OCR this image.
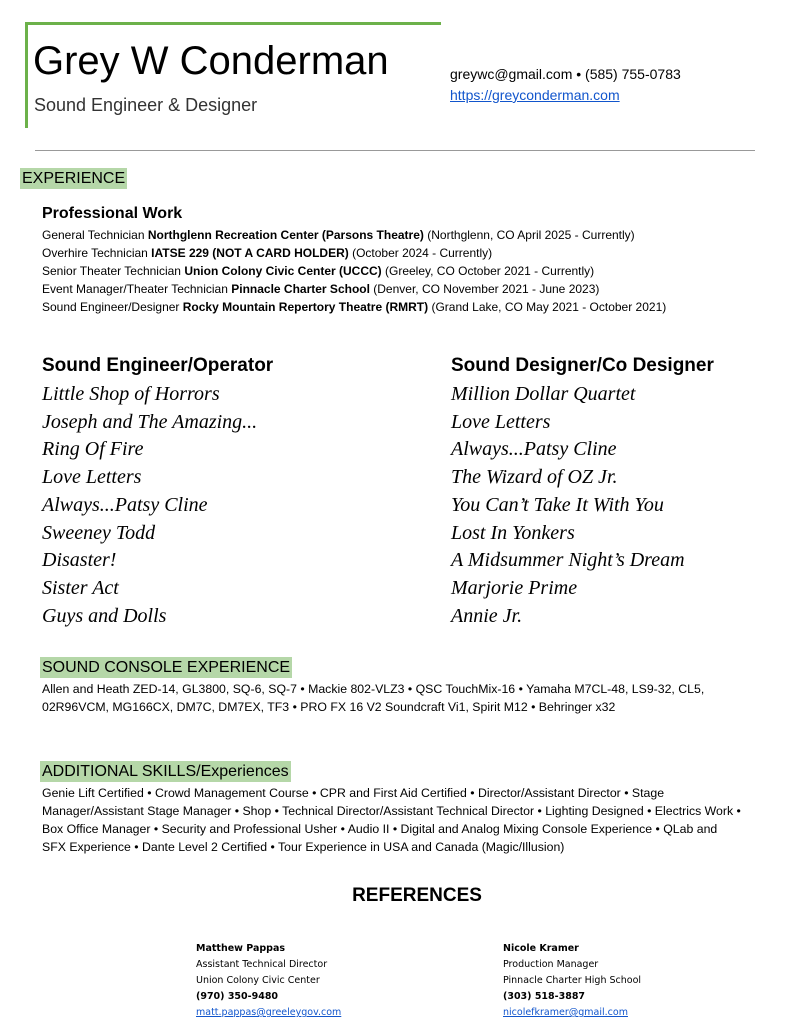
Grey W Conderman
Sound Engineer & Designer
greywc@gmail.com • (585) 755-0783
https://greyconderman.com
EXPERIENCE
Professional Work
General Technician Northglenn Recreation Center (Parsons Theatre) (Northglenn, CO April 2025 - Currently)
Overhire Technician IATSE 229 (NOT A CARD HOLDER) (October 2024 - Currently)
Senior Theater Technician Union Colony Civic Center (UCCC) (Greeley, CO October 2021 - Currently)
Event Manager/Theater Technician Pinnacle Charter School (Denver, CO November 2021 - June 2023)
Sound Engineer/Designer Rocky Mountain Repertory Theatre (RMRT) (Grand Lake, CO May 2021 - October 2021)
Sound Engineer/Operator
Little Shop of Horrors
Joseph and The Amazing...
Ring Of Fire
Love Letters
Always...Patsy Cline
Sweeney Todd
Disaster!
Sister Act
Guys and Dolls
Sound Designer/Co Designer
Million Dollar Quartet
Love Letters
Always...Patsy Cline
The Wizard of OZ Jr.
You Can’t Take It With You
Lost In Yonkers
A Midsummer Night’s Dream
Marjorie Prime
Annie Jr.
SOUND CONSOLE EXPERIENCE

Allen and Heath ZED-14, GL3800, SQ-6, SQ-7 • Mackie 802-VLZ3 • QSC TouchMix-16 • Yamaha M7CL-48, LS9-32, CL5, 02R96VCM, MG166CX, DM7C, DM7EX, TF3 • PRO FX 16 V2 Soundcraft Vi1, Spirit M12 • Behringer x32

ADDITIONAL SKILLS/Experiences

Genie Lift Certified • Crowd Management Course • CPR and First Aid Certified • Director/Assistant Director • Stage Manager/Assistant Stage Manager • Shop • Technical Director/Assistant Technical Director • Lighting Designed • Electrics Work • Box Office Manager • Security and Professional Usher • Audio II • Digital and Analog Mixing Console Experience • QLab and SFX Experience • Dante Level 2 Certified • Tour Experience in USA and Canada (Magic/Illusion)

REFERENCES
Matthew Pappas
Assistant Technical Director
Union Colony Civic Center
(970) 350-9480
matt.pappas@greeleygov.com
Nicole Kramer
Production Manager
Pinnacle Charter High School
(303) 518-3887
nicolefkramer@gmail.com
